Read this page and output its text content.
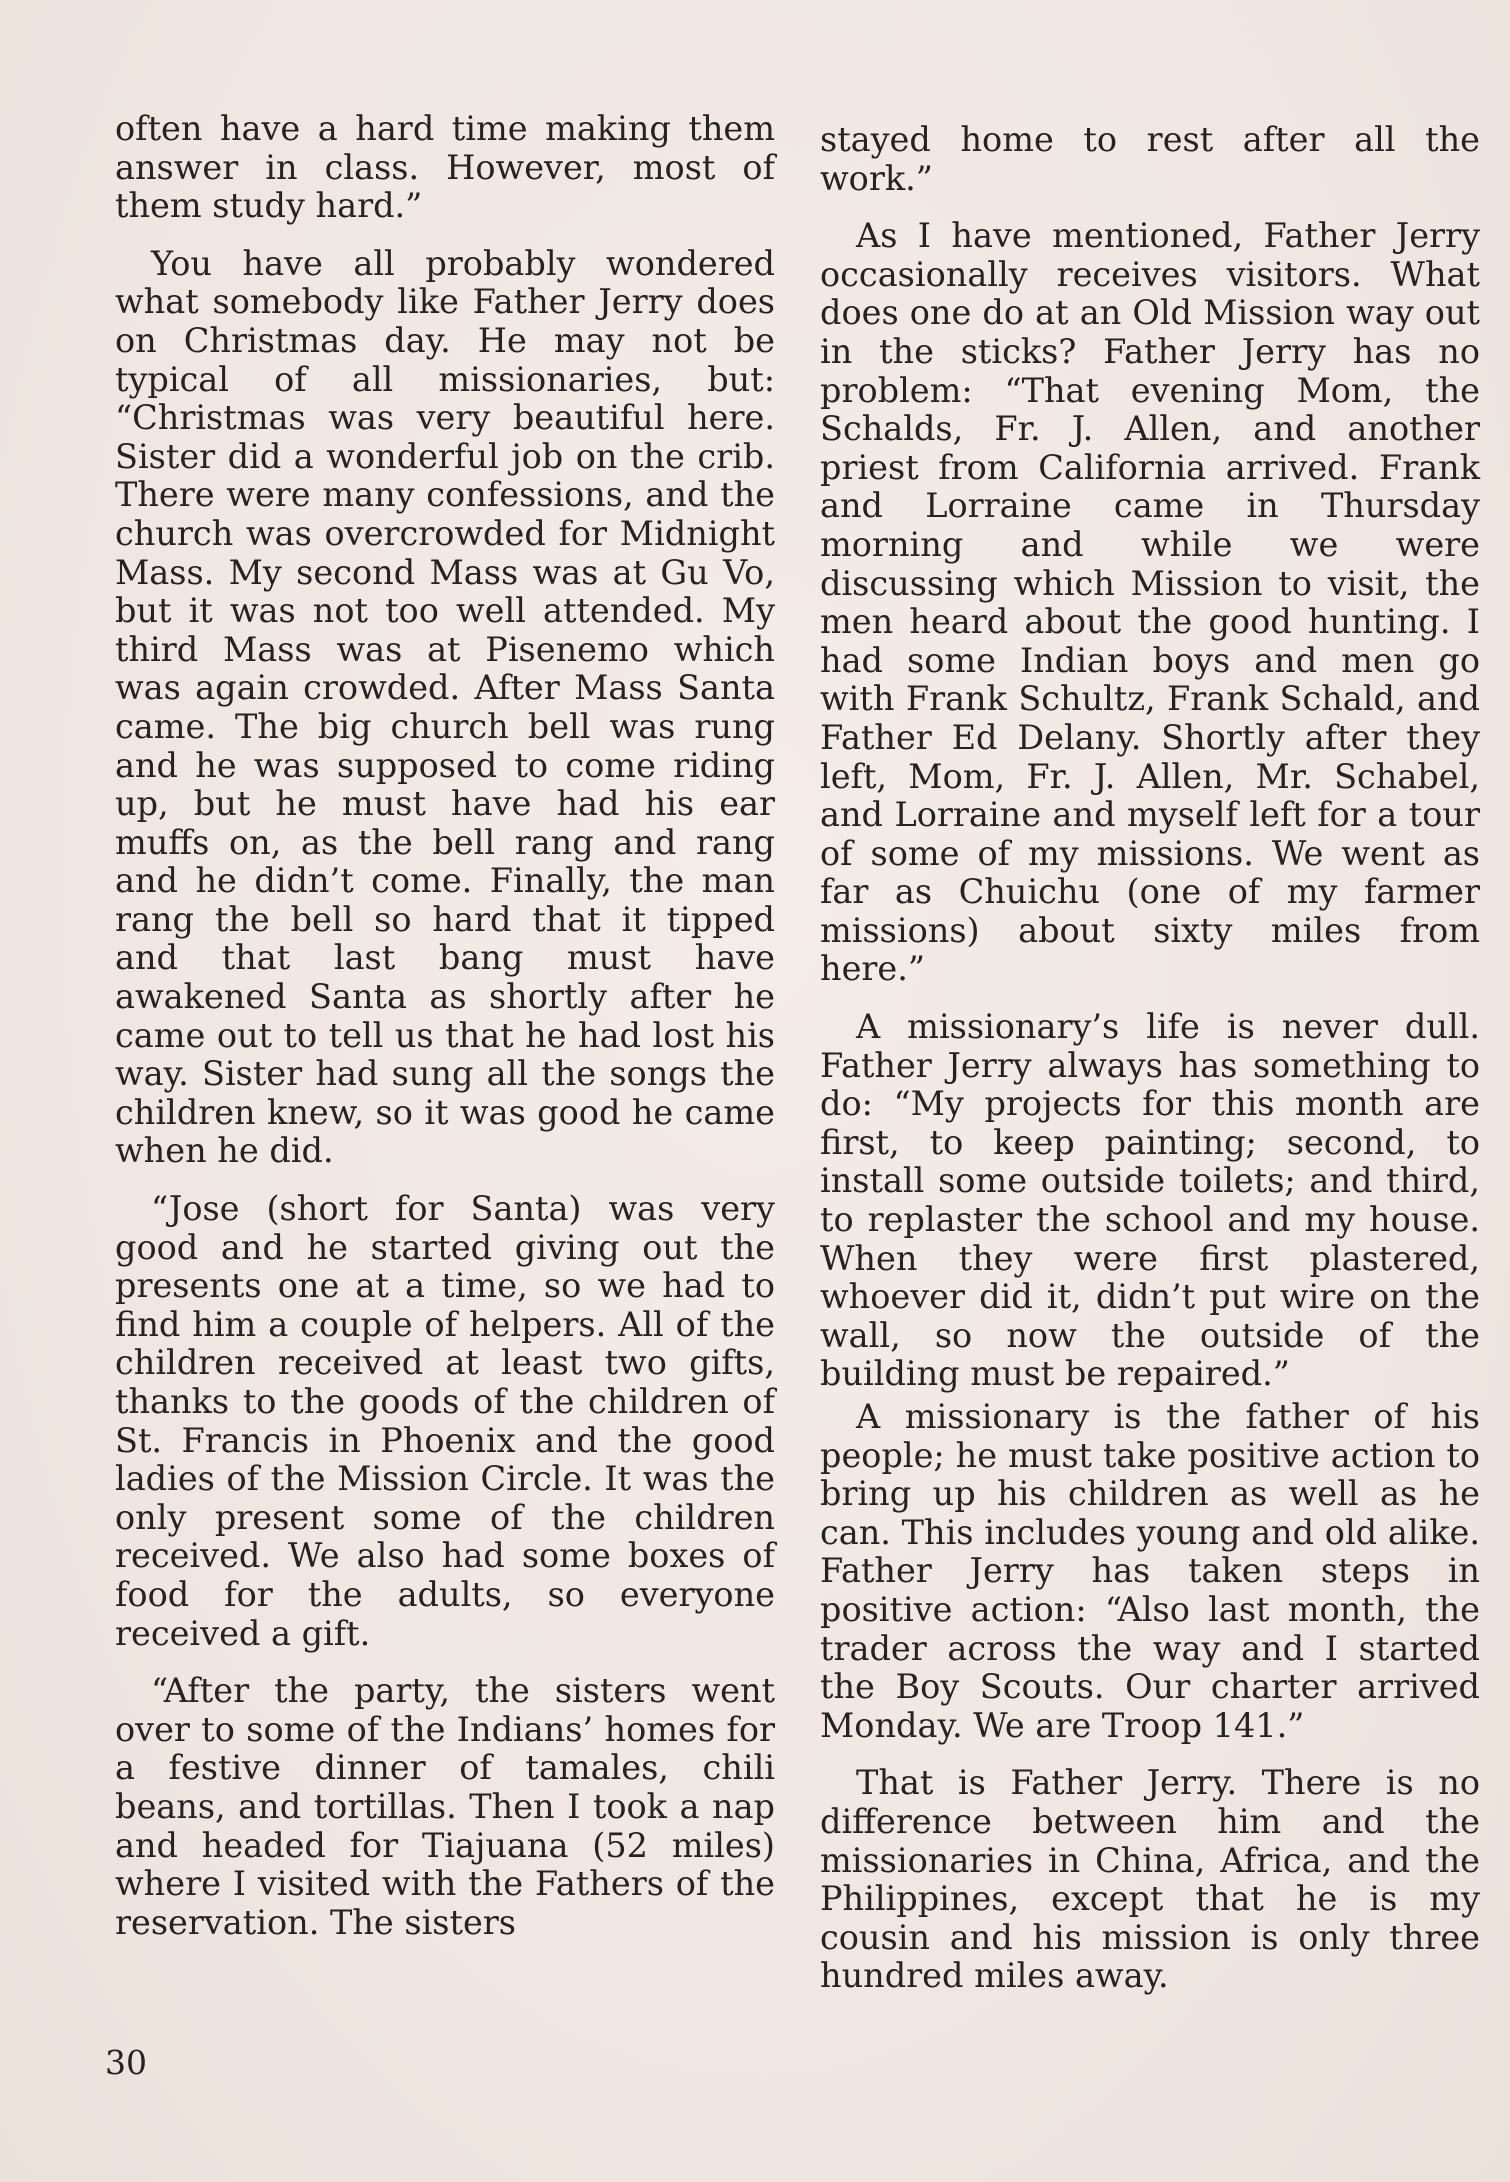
often have a hard time making them answer in class. However, most of them study hard.”

You have all probably wondered what somebody like Father Jerry does on Christmas day. He may not be typical of all missionaries, but: “Christmas was very beautiful here. Sister did a wonderful job on the crib. There were many confessions, and the church was overcrowded for Midnight Mass. My second Mass was at Gu Vo, but it was not too well attended. My third Mass was at Pisenemo which was again crowded. After Mass Santa came. The big church bell was rung and he was supposed to come riding up, but he must have had his ear muffs on, as the bell rang and rang and he didn’t come. Finally, the man rang the bell so hard that it tipped and that last bang must have awakened Santa as shortly after he came out to tell us that he had lost his way. Sister had sung all the songs the children knew, so it was good he came when he did.

“Jose (short for Santa) was very good and he started giving out the presents one at a time, so we had to find him a couple of helpers. All of the children received at least two gifts, thanks to the goods of the children of St. Francis in Phoenix and the good ladies of the Mission Circle. It was the only present some of the children received. We also had some boxes of food for the adults, so everyone received a gift.

“After the party, the sisters went over to some of the Indians’ homes for a festive dinner of tamales, chili beans, and tortillas. Then I took a nap and headed for Tiajuana (52 miles) where I visited with the Fathers of the reservation. The sisters

stayed home to rest after all the work.”

As I have mentioned, Father Jerry occasionally receives visitors. What does one do at an Old Mission way out in the sticks? Father Jerry has no problem: “That evening Mom, the Schalds, Fr. J. Allen, and another priest from California arrived. Frank and Lorraine came in Thursday morning and while we were discussing which Mission to visit, the men heard about the good hunting. I had some Indian boys and men go with Frank Schultz, Frank Schald, and Father Ed Delany. Shortly after they left, Mom, Fr. J. Allen, Mr. Schabel, and Lorraine and myself left for a tour of some of my missions. We went as far as Chuichu (one of my farmer missions) about sixty miles from here.”

A missionary’s life is never dull. Father Jerry always has something to do: “My projects for this month are first, to keep painting; second, to install some outside toilets; and third, to replaster the school and my house. When they were first plastered, whoever did it, didn’t put wire on the wall, so now the outside of the building must be repaired.”

A missionary is the father of his people; he must take positive action to bring up his children as well as he can. This includes young and old alike. Father Jerry has taken steps in positive action: “Also last month, the trader across the way and I started the Boy Scouts. Our charter arrived Monday. We are Troop 141.”

That is Father Jerry. There is no difference between him and the missionaries in China, Africa, and the Philippines, except that he is my cousin and his mission is only three hundred miles away.

30
